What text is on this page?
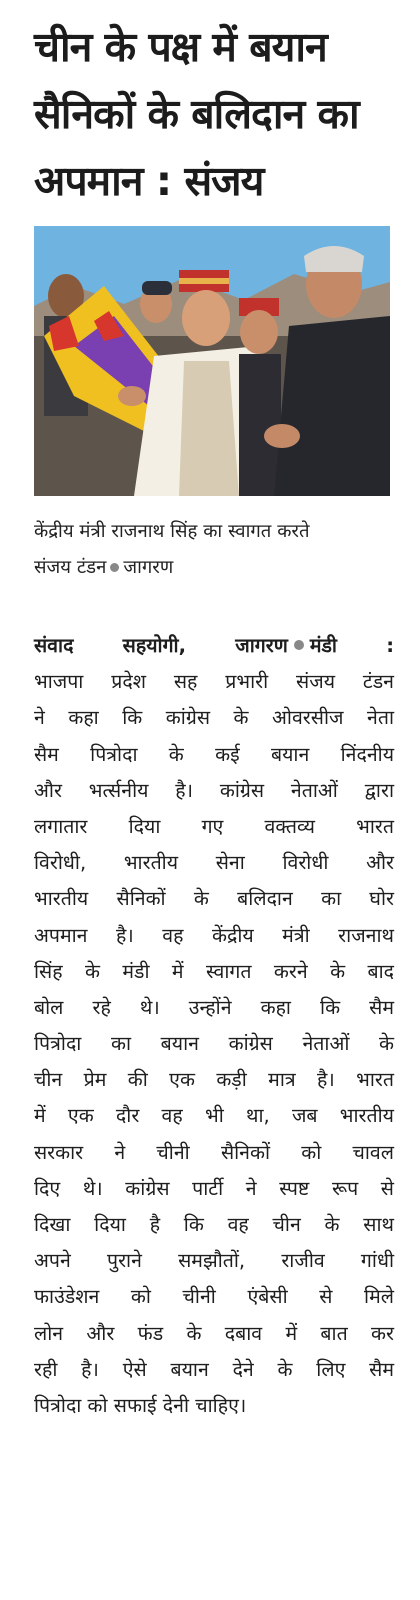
चीन के पक्ष में बयान
सैनिकों के बलिदान का
अपमान : संजय
केंद्रीय मंत्री राजनाथ सिंह का स्वागत करते
संजय टंडन जागरण
संवाद सहयोगी, जागरण मंडी :
भाजपा प्रदेश सह प्रभारी संजय टंडन
ने कहा कि कांग्रेस के ओवरसीज नेता
सैम पित्रोदा के कई बयान निंदनीय
और भर्त्सनीय है। कांग्रेस नेताओं द्वारा
लगातार दिया गए वक्तव्य भारत
विरोधी, भारतीय सेना विरोधी और
भारतीय सैनिकों के बलिदान का घोर
अपमान है। वह केंद्रीय मंत्री राजनाथ
सिंह के मंडी में स्वागत करने के बाद
बोल रहे थे। उन्होंने कहा कि सैम
पित्रोदा का बयान कांग्रेस नेताओं के
चीन प्रेम की एक कड़ी मात्र है। भारत
में एक दौर वह भी था, जब भारतीय
सरकार ने चीनी सैनिकों को चावल
दिए थे। कांग्रेस पार्टी ने स्पष्ट रूप से
दिखा दिया है कि वह चीन के साथ
अपने पुराने समझौतों, राजीव गांधी
फाउंडेशन को चीनी एंबेसी से मिले
लोन और फंड के दबाव में बात कर
रही है। ऐसे बयान देने के लिए सैम
पित्रोदा को सफाई देनी चाहिए।
